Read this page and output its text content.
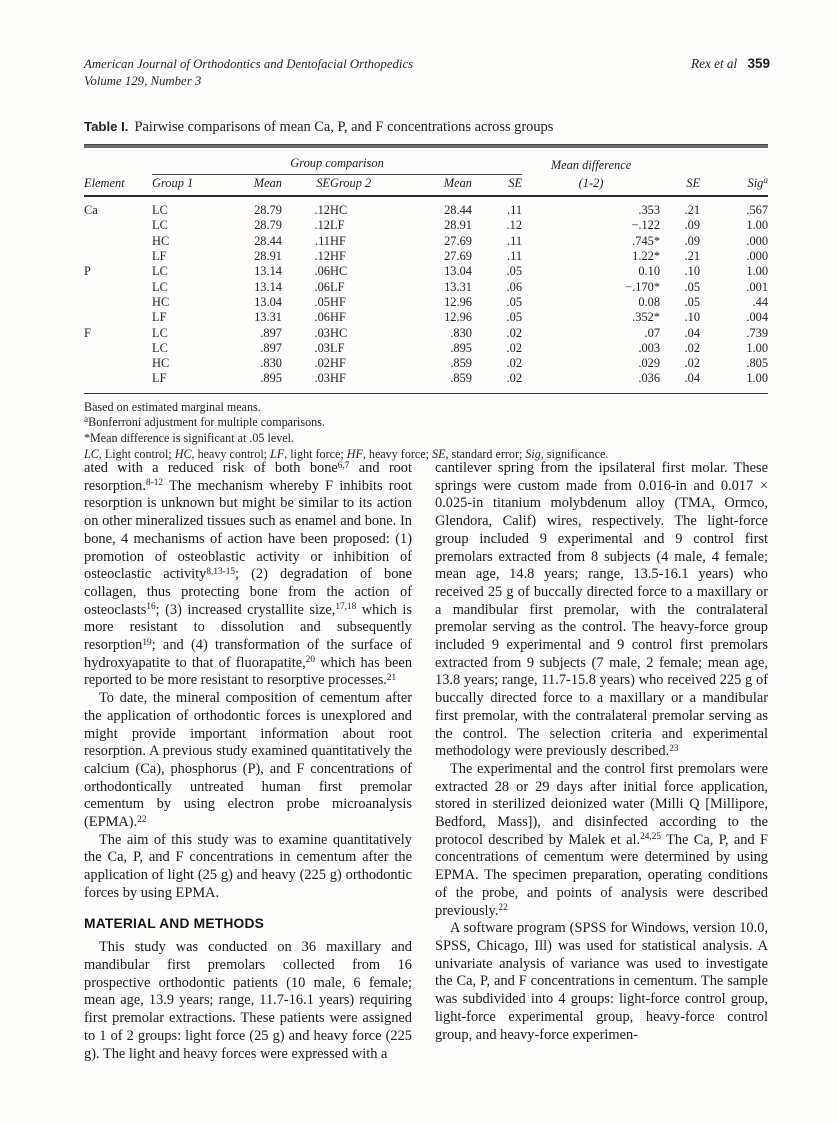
American Journal of Orthodontics and Dentofacial Orthopedics
Volume 129, Number 3
Rex et al 359

Table I. Pairwise comparisons of mean Ca, P, and F concentrations across groups

	Group comparison						Mean difference		
Element	Group 1	Mean	SE	Group 2	Mean	SE	(1-2)	SE	Sig$^a$
Ca	LC	28.79	.12	HC	28.44	.11	.353	.21	.567
	LC	28.79	.12	LF	28.91	.12	−.122	.09	1.00
	HC	28.44	.11	HF	27.69	.11	.745*	.09	.000
	LF	28.91	.12	HF	27.69	.11	1.22*	.21	.000
P	LC	13.14	.06	HC	13.04	.05	0.10	.10	1.00
	LC	13.14	.06	LF	13.31	.06	−.170*	.05	.001
	HC	13.04	.05	HF	12.96	.05	0.08	.05	.44
	LF	13.31	.06	HF	12.96	.05	.352*	.10	.004
F	LC	.897	.03	HC	.830	.02	.07	.04	.739
	LC	.897	.03	LF	.895	.02	.003	.02	1.00
	HC	.830	.02	HF	.859	.02	.029	.02	.805
	LF	.895	.03	HF	.859	.02	.036	.04	1.00
Based on estimated marginal means.
$^a$Bonferroni adjustment for multiple comparisons.
*Mean difference is significant at .05 level.
LC, Light control; HC, heavy control; LF, light force; HF, heavy force; SE, standard error; Sig, significance.

ated with a reduced risk of both bone$^{6,7}$ and root resorption.$^{8-12}$ The mechanism whereby F inhibits root resorption is unknown but might be similar to its action on other mineralized tissues such as enamel and bone. In bone, 4 mechanisms of action have been proposed: (1) promotion of osteoblastic activity or inhibition of osteoclastic activity$^{8,13-15}$; (2) degradation of bone collagen, thus protecting bone from the action of osteoclasts$^{16}$; (3) increased crystallite size,$^{17,18}$ which is more resistant to dissolution and subsequently resorption$^{19}$; and (4) transformation of the surface of hydroxyapatite to that of fluorapatite,$^{20}$ which has been reported to be more resistant to resorptive processes.$^{21}$

To date, the mineral composition of cementum after the application of orthodontic forces is unexplored and might provide important information about root resorption. A previous study examined quantitatively the calcium (Ca), phosphorus (P), and F concentrations of orthodontically untreated human first premolar cementum by using electron probe microanalysis (EPMA).$^{22}$

The aim of this study was to examine quantitatively the Ca, P, and F concentrations in cementum after the application of light (25 g) and heavy (225 g) orthodontic forces by using EPMA.

MATERIAL AND METHODS

This study was conducted on 36 maxillary and mandibular first premolars collected from 16 prospective orthodontic patients (10 male, 6 female; mean age, 13.9 years; range, 11.7-16.1 years) requiring first premolar extractions. These patients were assigned to 1 of 2 groups: light force (25 g) and heavy force (225 g). The light and heavy forces were expressed with a

cantilever spring from the ipsilateral first molar. These springs were custom made from 0.016-in and 0.017 × 0.025-in titanium molybdenum alloy (TMA, Ormco, Glendora, Calif) wires, respectively. The light-force group included 9 experimental and 9 control first premolars extracted from 8 subjects (4 male, 4 female; mean age, 14.8 years; range, 13.5-16.1 years) who received 25 g of buccally directed force to a maxillary or a mandibular first premolar, with the contralateral premolar serving as the control. The heavy-force group included 9 experimental and 9 control first premolars extracted from 9 subjects (7 male, 2 female; mean age, 13.8 years; range, 11.7-15.8 years) who received 225 g of buccally directed force to a maxillary or a mandibular first premolar, with the contralateral premolar serving as the control. The selection criteria and experimental methodology were previously described.$^{23}$

The experimental and the control first premolars were extracted 28 or 29 days after initial force application, stored in sterilized deionized water (Milli Q [Millipore, Bedford, Mass]), and disinfected according to the protocol described by Malek et al.$^{24,25}$ The Ca, P, and F concentrations of cementum were determined by using EPMA. The specimen preparation, operating conditions of the probe, and points of analysis were described previously.$^{22}$

A software program (SPSS for Windows, version 10.0, SPSS, Chicago, Ill) was used for statistical analysis. A univariate analysis of variance was used to investigate the Ca, P, and F concentrations in cementum. The sample was subdivided into 4 groups: light-force control group, light-force experimental group, heavy-force control group, and heavy-force experimen-
